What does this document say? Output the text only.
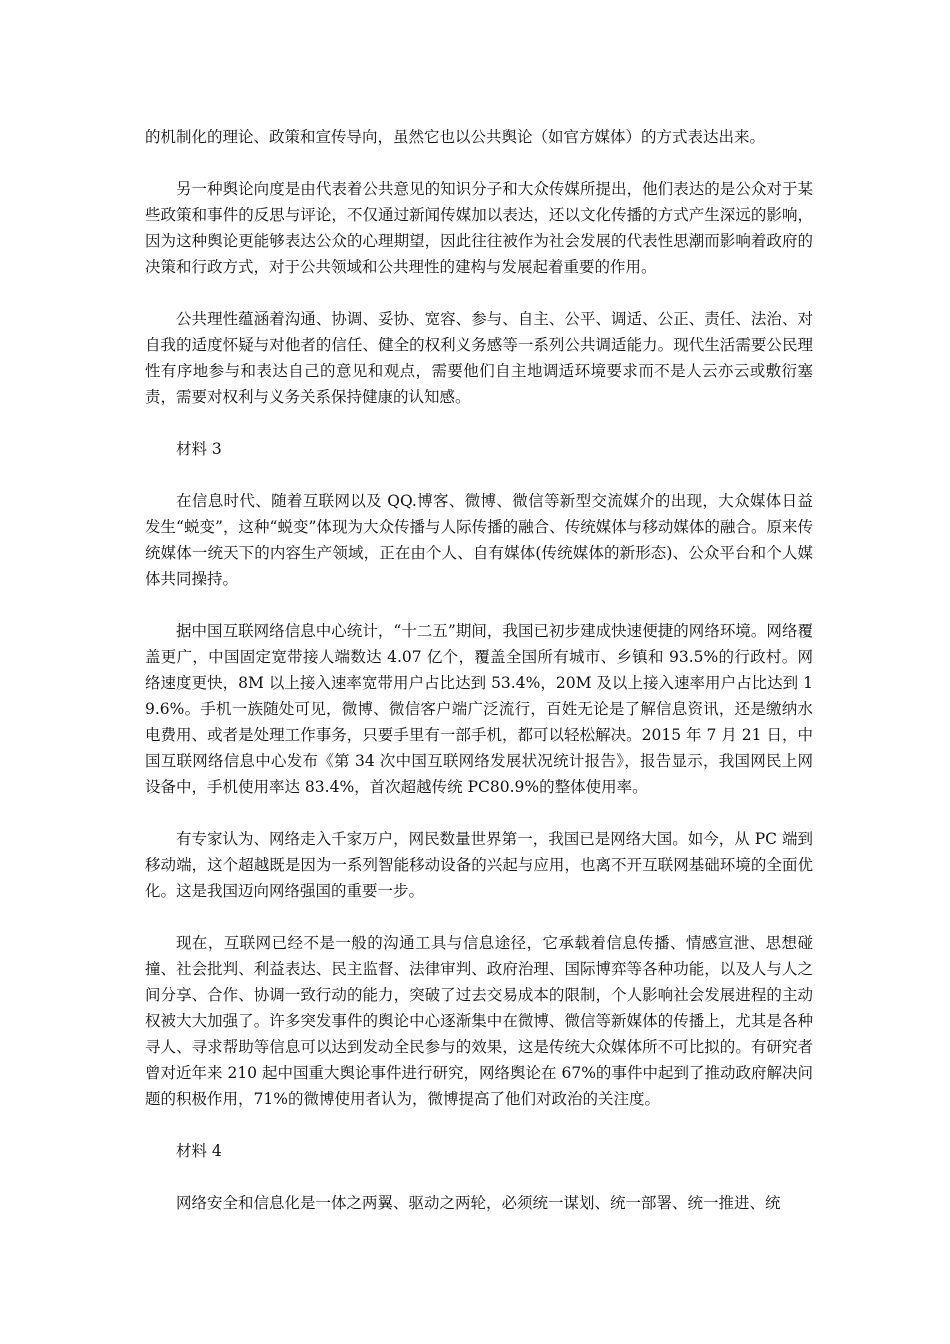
的机制化的理论、政策和宣传导向，虽然它也以公共舆论（如官方媒体）的方式表达出来。

另一种舆论向度是由代表着公共意见的知识分子和大众传媒所提出，他们表达的是公众对于某些政策和事件的反思与评论，不仅通过新闻传媒加以表达，还以文化传播的方式产生深远的影响，因为这种舆论更能够表达公众的心理期望，因此往往被作为社会发展的代表性思潮而影响着政府的决策和行政方式，对于公共领域和公共理性的建构与发展起着重要的作用。

公共理性蕴涵着沟通、协调、妥协、宽容、参与、自主、公平、调适、公正、责任、法治、对自我的适度怀疑与对他者的信任、健全的权利义务感等一系列公共调适能力。现代生活需要公民理性有序地参与和表达自己的意见和观点，需要他们自主地调适环境要求而不是人云亦云或敷衍塞责，需要对权利与义务关系保持健康的认知感。

材料 3

在信息时代、随着互联网以及 QQ.博客、微博、微信等新型交流媒介的出现，大众媒体日益发生“蜕变”，这种“蜕变”体现为大众传播与人际传播的融合、传统媒体与移动媒体的融合。原来传统媒体一统天下的内容生产领域，正在由个人、自有媒体(传统媒体的新形态)、公众平台和个人媒体共同操持。

据中国互联网络信息中心统计，“十二五”期间，我国已初步建成快速便捷的网络环境。网络覆盖更广，中国固定宽带接人端数达 4.07 亿个，覆盖全国所有城市、乡镇和 93.5%的行政村。网络速度更快，8M 以上接入速率宽带用户占比达到 53.4%，20M 及以上接入速率用户占比达到 19.6%。手机一族随处可见，微博、微信客户端广泛流行，百姓无论是了解信息资讯，还是缴纳水电费用、或者是处理工作事务，只要手里有一部手机，都可以轻松解决。2015 年 7 月 21 日，中国互联网络信息中心发布《第 34 次中国互联网络发展状况统计报告》，报告显示，我国网民上网设备中，手机使用率达 83.4%，首次超越传统 PC80.9%的整体使用率。

有专家认为、网络走入千家万户，网民数量世界第一，我国已是网络大国。如今，从 PC 端到移动端，这个超越既是因为一系列智能移动设备的兴起与应用，也离不开互联网基础环境的全面优化。这是我国迈向网络强国的重要一步。

现在，互联网已经不是一般的沟通工具与信息途径，它承载着信息传播、情感宣泄、思想碰撞、社会批判、利益表达、民主监督、法律审判、政府治理、国际博弈等各种功能，以及人与人之间分享、合作、协调一致行动的能力，突破了过去交易成本的限制，个人影响社会发展进程的主动权被大大加强了。许多突发事件的舆论中心逐渐集中在微博、微信等新媒体的传播上，尤其是各种寻人、寻求帮助等信息可以达到发动全民参与的效果，这是传统大众媒体所不可比拟的。有研究者曾对近年来 210 起中国重大舆论事件进行研究，网络舆论在 67%的事件中起到了推动政府解决问题的积极作用，71%的微博使用者认为，微博提高了他们对政治的关注度。

材料 4

网络安全和信息化是一体之两翼、驱动之两轮，必须统一谋划、统一部署、统一推进、统
